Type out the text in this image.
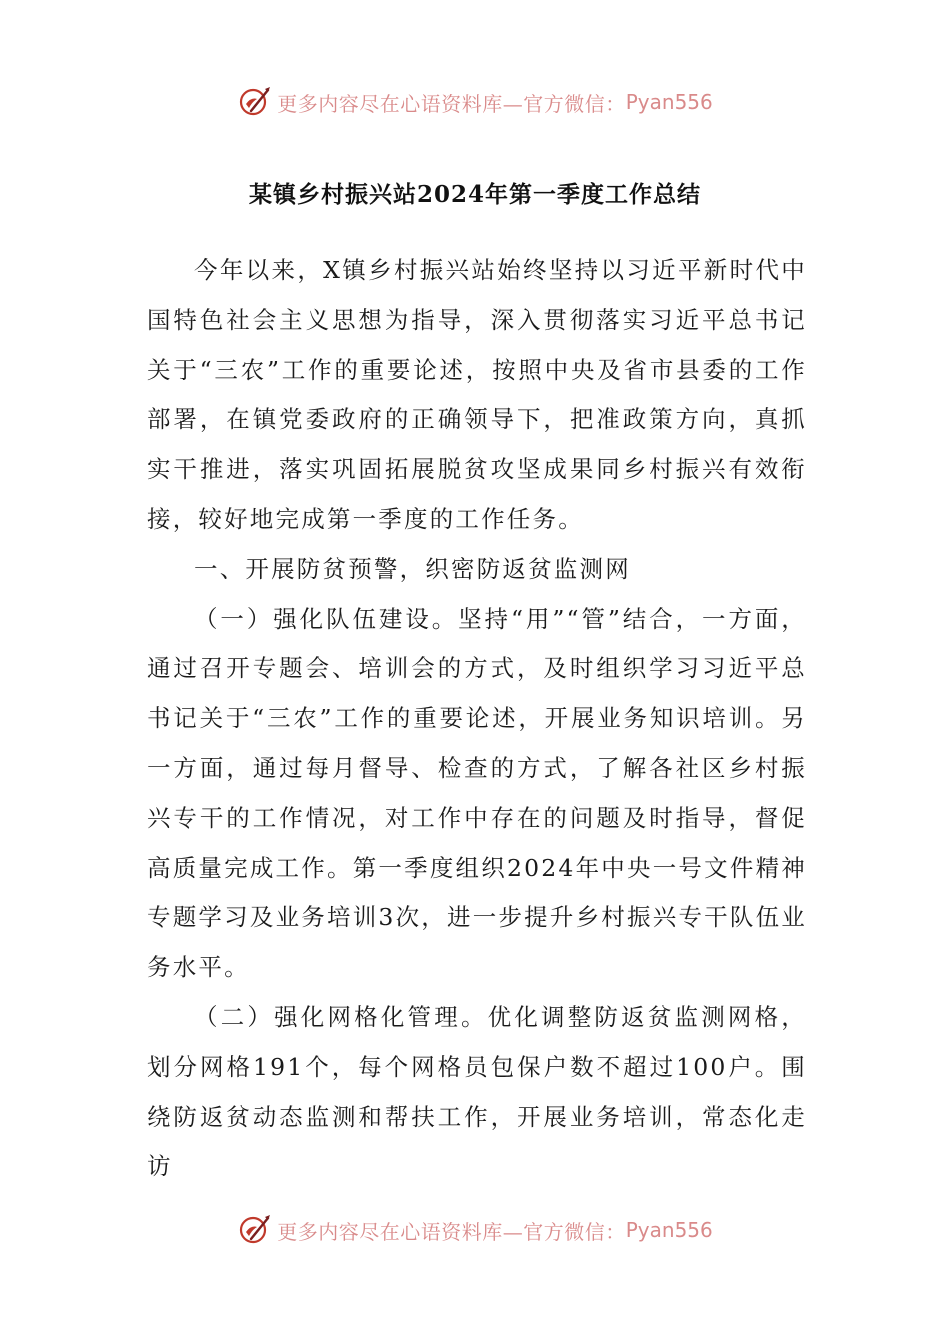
更多内容尽在心语资料库—官方微信： Pyan556
某镇乡村振兴站2024年第一季度工作总结

今年以来，X镇乡村振兴站始终坚持以习近平新时代中国特色社会主义思想为指导，深入贯彻落实习近平总书记关于“三农”工作的重要论述，按照中央及省市县委的工作部署，在镇党委政府的正确领导下，把准政策方向，真抓实干推进，落实巩固拓展脱贫攻坚成果同乡村振兴有效衔接，较好地完成第一季度的工作任务。

一、开展防贫预警，织密防返贫监测网

（一）强化队伍建设。坚持“用”“管”结合，一方面，通过召开专题会、培训会的方式，及时组织学习习近平总书记关于“三农”工作的重要论述，开展业务知识培训。另一方面，通过每月督导、检查的方式，了解各社区乡村振兴专干的工作情况，对工作中存在的问题及时指导，督促高质量完成工作。第一季度组织2024年中央一号文件精神专题学习及业务培训3次，进一步提升乡村振兴专干队伍业务水平。

（二）强化网格化管理。优化调整防返贫监测网格，划分网格191个，每个网格员包保户数不超过100户。围绕防返贫动态监测和帮扶工作，开展业务培训，常态化走访

更多内容尽在心语资料库—官方微信： Pyan556
